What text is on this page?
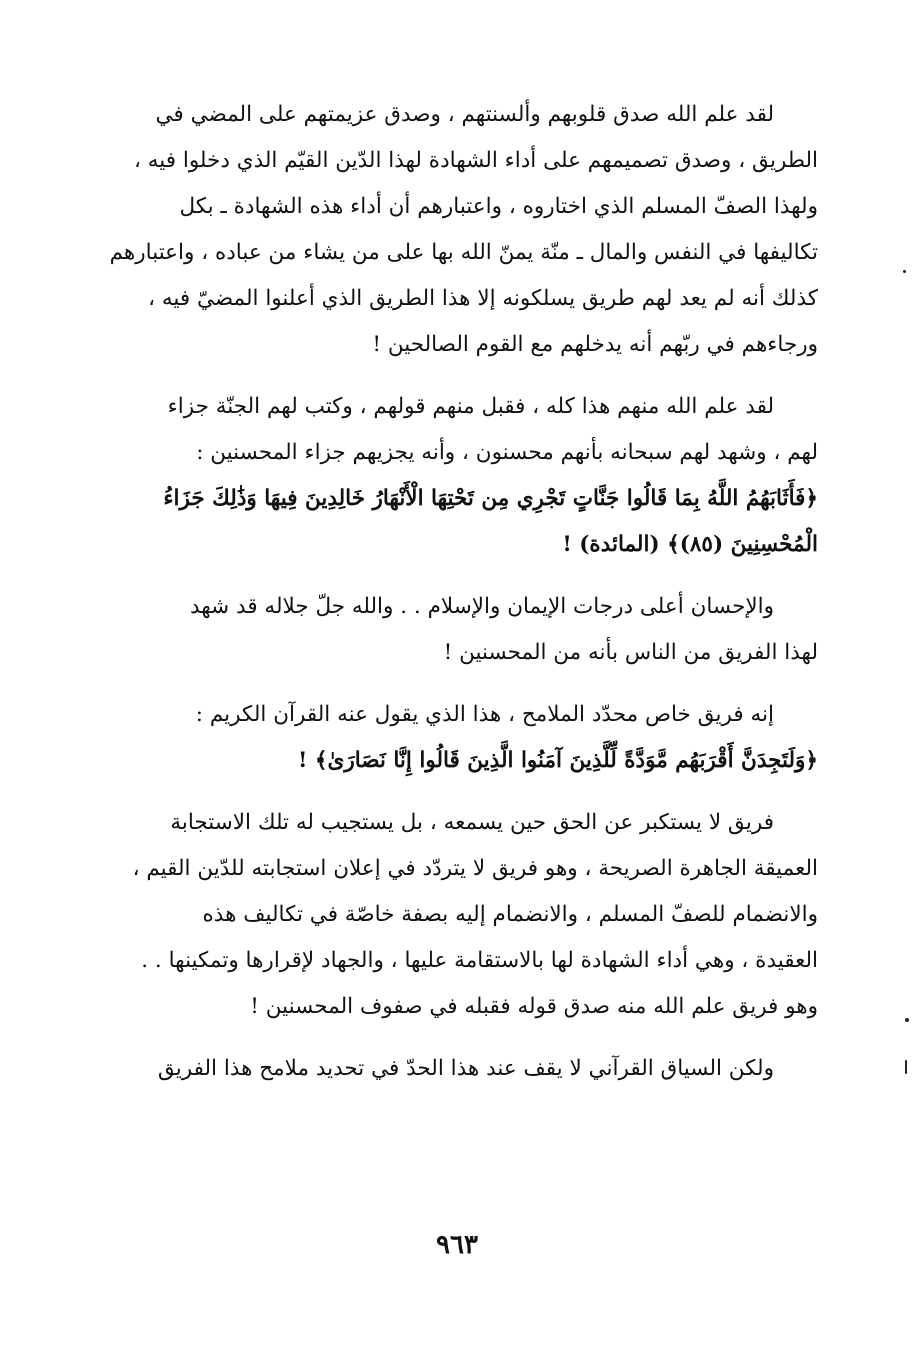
لقد علم الله صدق قلوبهم وألسنتهم ، وصدق عزيمتهم على المضي في
الطريق ، وصدق تصميمهم على أداء الشهادة لهذا الدّين القيّم الذي دخلوا فيه ،
ولهذا الصفّ المسلم الذي اختاروه ، واعتبارهم أن أداء هذه الشهادة ـ بكل
تكاليفها في النفس والمال ـ منّة يمنّ الله بها على من يشاء من عباده ، واعتبارهم
كذلك أنه لم يعد لهم طريق يسلكونه إلا هذا الطريق الذي أعلنوا المضيّ فيه ،
ورجاءهم في ربّهم أنه يدخلهم مع القوم الصالحين !

لقد علم الله منهم هذا كله ، فقبل منهم قولهم ، وكتب لهم الجنّة جزاء
لهم ، وشهد لهم سبحانه بأنهم محسنون ، وأنه يجزيهم جزاء المحسنين :
﴿فَأَثَابَهُمُ اللَّهُ بِمَا قَالُوا جَنَّاتٍ تَجْرِي مِن تَحْتِهَا الْأَنْهَارُ خَالِدِينَ فِيهَا وَذَٰلِكَ جَزَاءُ
الْمُحْسِنِينَ (٨٥)﴾ (المائدة) !

والإحسان أعلى درجات الإيمان والإسلام . . والله جلّ جلاله قد شهد
لهذا الفريق من الناس بأنه من المحسنين !

إنه فريق خاص محدّد الملامح ، هذا الذي يقول عنه القرآن الكريم :
﴿وَلَتَجِدَنَّ أَقْرَبَهُم مَّوَدَّةً لِّلَّذِينَ آمَنُوا الَّذِينَ قَالُوا إِنَّا نَصَارَىٰ﴾ !

فريق لا يستكبر عن الحق حين يسمعه ، بل يستجيب له تلك الاستجابة
العميقة الجاهرة الصريحة ، وهو فريق لا يتردّد في إعلان استجابته للدّين القيم ،
والانضمام للصفّ المسلم ، والانضمام إليه بصفة خاصّة في تكاليف هذه
العقيدة ، وهي أداء الشهادة لها بالاستقامة عليها ، والجهاد لإقرارها وتمكينها . .
وهو فريق علم الله منه صدق قوله فقبله في صفوف المحسنين !

ولكن السياق القرآني لا يقف عند هذا الحدّ في تحديد ملامح هذا الفريق

٩٦٣
